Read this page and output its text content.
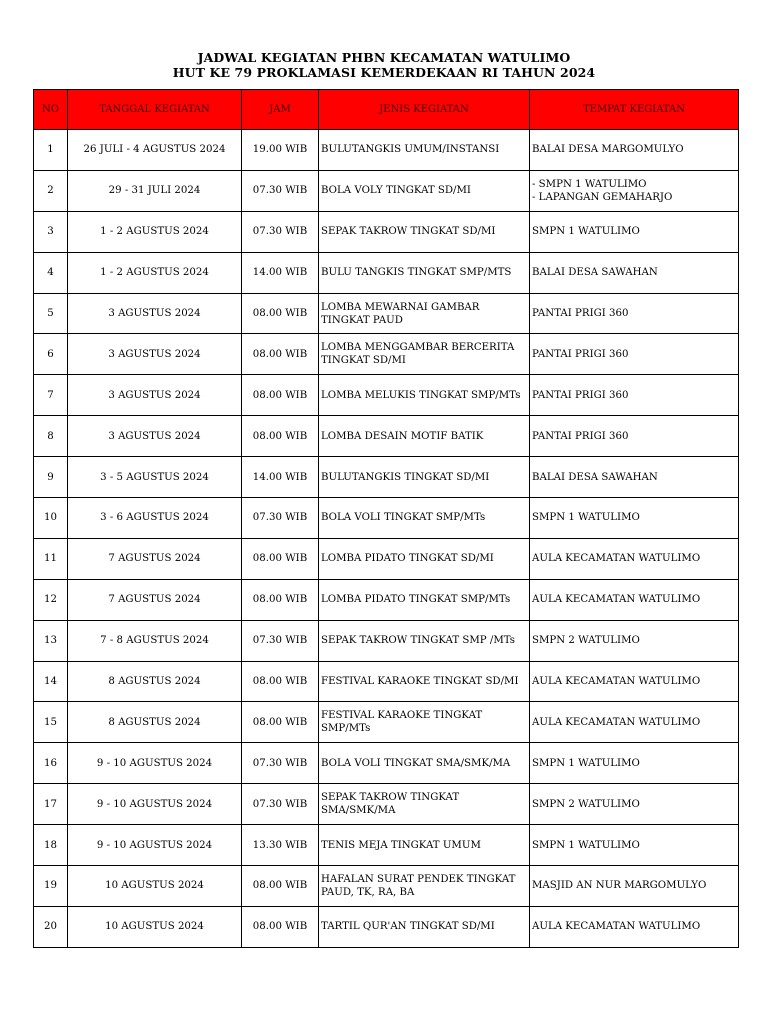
JADWAL KEGIATAN PHBN KECAMATAN WATULIMO
HUT KE 79 PROKLAMASI KEMERDEKAAN RI TAHUN 2024
NO	TANGGAL KEGIATAN	JAM	JENIS KEGIATAN	TEMPAT KEGIATAN
1	26 JULI - 4 AGUSTUS 2024	19.00 WIB	BULUTANGKIS UMUM/INSTANSI	BALAI DESA MARGOMULYO

2	29 - 31 JULI 2024	07.30 WIB	BOLA VOLY TINGKAT SD/MI	- SMPN 1 WATULIMO
- LAPANGAN GEMAHARJO

3	1 - 2 AGUSTUS 2024	07.30 WIB	SEPAK TAKROW TINGKAT SD/MI	SMPN 1 WATULIMO

4	1 - 2 AGUSTUS 2024	14.00 WIB	BULU TANGKIS TINGKAT SMP/MTS	BALAI DESA SAWAHAN

5	3 AGUSTUS 2024	08.00 WIB	LOMBA MEWARNAI GAMBAR
TINGKAT PAUD	PANTAI PRIGI 360

6	3 AGUSTUS 2024	08.00 WIB	LOMBA MENGGAMBAR BERCERITA
TINGKAT SD/MI	PANTAI PRIGI 360

7	3 AGUSTUS 2024	08.00 WIB	LOMBA MELUKIS TINGKAT SMP/MTs	PANTAI PRIGI 360

8	3 AGUSTUS 2024	08.00 WIB	LOMBA DESAIN MOTIF BATIK	PANTAI PRIGI 360

9	3 - 5 AGUSTUS 2024	14.00 WIB	BULUTANGKIS TINGKAT SD/MI	BALAI DESA SAWAHAN

10	3 - 6 AGUSTUS 2024	07.30 WIB	BOLA VOLI TINGKAT SMP/MTs	SMPN 1 WATULIMO

11	7 AGUSTUS 2024	08.00 WIB	LOMBA PIDATO TINGKAT SD/MI	AULA KECAMATAN WATULIMO

12	7 AGUSTUS 2024	08.00 WIB	LOMBA PIDATO TINGKAT SMP/MTs	AULA KECAMATAN WATULIMO

13	7 - 8 AGUSTUS 2024	07.30 WIB	SEPAK TAKROW TINGKAT SMP /MTs	SMPN 2 WATULIMO

14	8 AGUSTUS 2024	08.00 WIB	FESTIVAL KARAOKE TINGKAT SD/MI	AULA KECAMATAN WATULIMO

15	8 AGUSTUS 2024	08.00 WIB	FESTIVAL KARAOKE TINGKAT
SMP/MTs	AULA KECAMATAN WATULIMO

16	9 - 10 AGUSTUS 2024	07.30 WIB	BOLA VOLI TINGKAT SMA/SMK/MA	SMPN 1 WATULIMO

17	9 - 10 AGUSTUS 2024	07.30 WIB	SEPAK TAKROW TINGKAT
SMA/SMK/MA	SMPN 2 WATULIMO

18	9 - 10 AGUSTUS 2024	13.30 WIB	TENIS MEJA TINGKAT UMUM	SMPN 1 WATULIMO

19	10 AGUSTUS 2024	08.00 WIB	HAFALAN SURAT PENDEK TINGKAT
PAUD, TK, RA, BA	MASJID AN NUR MARGOMULYO

20	10 AGUSTUS 2024	08.00 WIB	TARTIL QUR'AN TINGKAT SD/MI	AULA KECAMATAN WATULIMO
